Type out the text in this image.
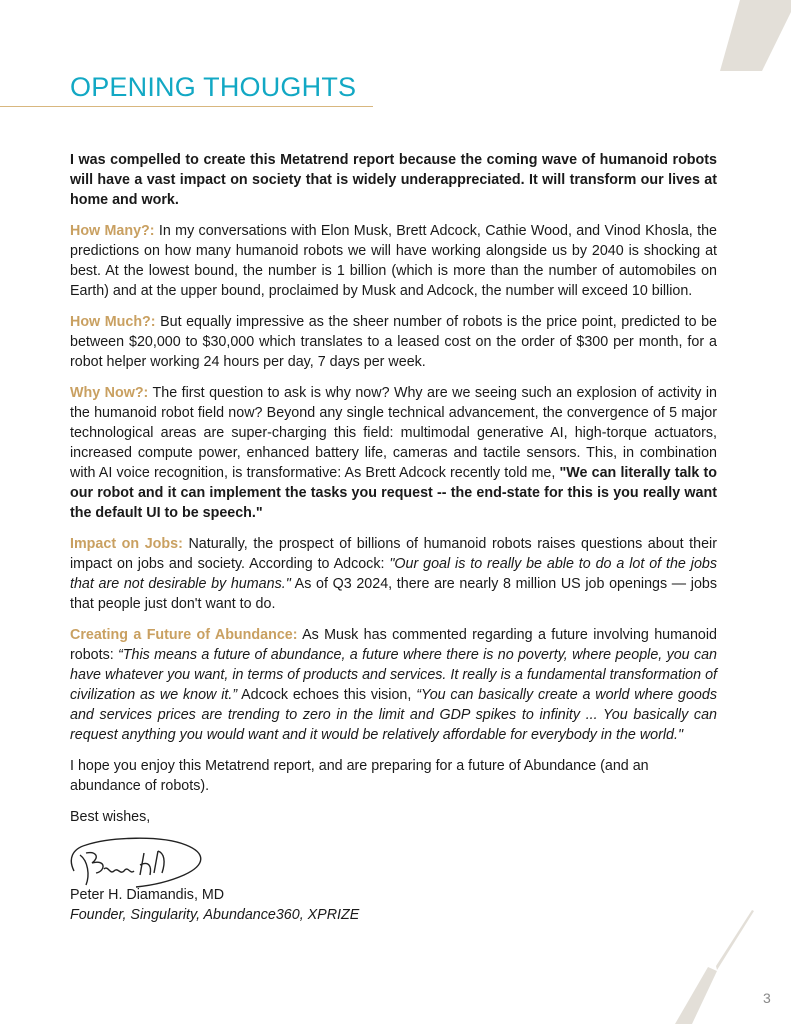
OPENING THOUGHTS

I was compelled to create this Metatrend report because the coming wave of humanoid robots will have a vast impact on society that is widely underappreciated. It will transform our lives at home and work.

How Many?: In my conversations with Elon Musk, Brett Adcock, Cathie Wood, and Vinod Khosla, the predictions on how many humanoid robots we will have working alongside us by 2040 is shocking at best. At the lowest bound, the number is 1 billion (which is more than the number of automobiles on Earth) and at the upper bound, proclaimed by Musk and Adcock, the number will exceed 10 billion.

How Much?: But equally impressive as the sheer number of robots is the price point, predicted to be between $20,000 to $30,000 which translates to a leased cost on the order of $300 per month, for a robot helper working 24 hours per day, 7 days per week.

Why Now?: The first question to ask is why now? Why are we seeing such an explosion of activity in the humanoid robot field now? Beyond any single technical advancement, the convergence of 5 major technological areas are super-charging this field: multimodal generative AI, high-torque actuators, increased compute power, enhanced battery life, cameras and tactile sensors. This, in combination with AI voice recognition, is transformative: As Brett Adcock recently told me, "We can literally talk to our robot and it can implement the tasks you request -- the end-state for this is you really want the default UI to be speech."

Impact on Jobs: Naturally, the prospect of billions of humanoid robots raises questions about their impact on jobs and society. According to Adcock: "Our goal is to really be able to do a lot of the jobs that are not desirable by humans." As of Q3 2024, there are nearly 8 million US job openings — jobs that people just don't want to do.

Creating a Future of Abundance: As Musk has commented regarding a future involving humanoid robots: “This means a future of abundance, a future where there is no poverty, where people, you can have whatever you want, in terms of products and services. It really is a fundamental transformation of civilization as we know it.” Adcock echoes this vision, “You can basically create a world where goods and services prices are trending to zero in the limit and GDP spikes to infinity ... You basically can request anything you would want and it would be relatively affordable for everybody in the world."

I hope you enjoy this Metatrend report, and are preparing for a future of Abundance (and an abundance of robots).

Best wishes,

Peter H. Diamandis, MD
Founder, Singularity, Abundance360, XPRIZE
3
